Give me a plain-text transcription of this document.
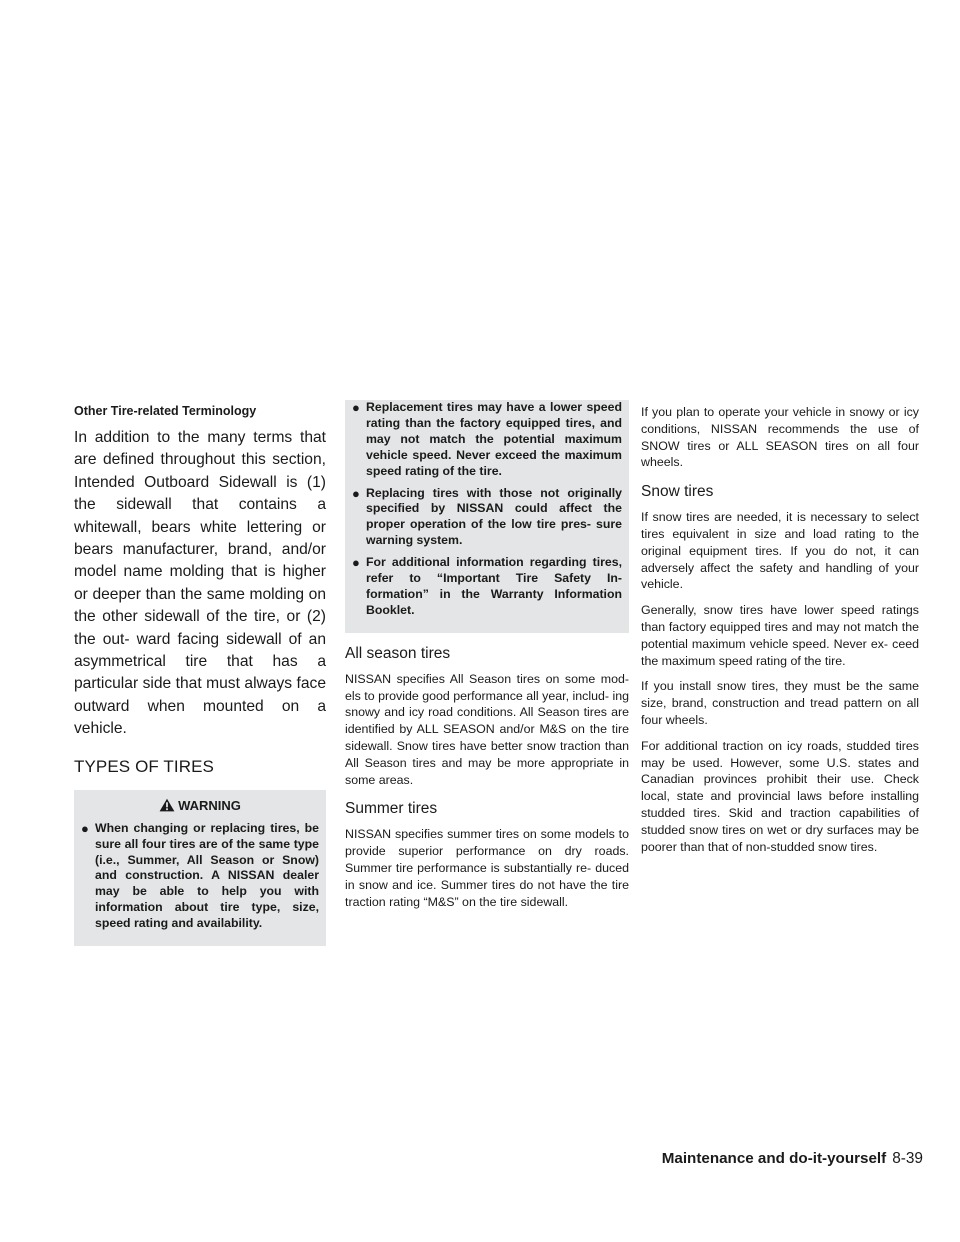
Other Tire-related Terminology

In addition to the many terms that are defined throughout this section, Intended Outboard Sidewall is (1) the sidewall that contains a whitewall, bears white lettering or bears manufacturer, brand, and/or model name molding that is higher or deeper than the same molding on the other sidewall of the tire, or (2) the out- ward facing sidewall of an asymmetrical tire that has a particular side that must always face outward when mounted on a vehicle.

TYPES OF TIRES
WARNING
● When changing or replacing tires, be sure all four tires are of the same type (i.e., Summer, All Season or Snow) and construction. A NISSAN dealer may be able to help you with information about tire type, size, speed rating and availability.
● Replacement tires may have a lower speed rating than the factory equipped tires, and may not match the potential maximum vehicle speed. Never exceed the maximum speed rating of the tire.
● Replacing tires with those not originally specified by NISSAN could affect the proper operation of the low tire pres- sure warning system.
● For additional information regarding tires, refer to “Important Tire Safety In- formation” in the Warranty Information Booklet.
All season tires

NISSAN specifies All Season tires on some mod- els to provide good performance all year, includ- ing snowy and icy road conditions. All Season tires are identified by ALL SEASON and/or M&S on the tire sidewall. Snow tires have better snow traction than All Season tires and may be more appropriate in some areas.

Summer tires

NISSAN specifies summer tires on some models to provide superior performance on dry roads. Summer tire performance is substantially re- duced in snow and ice. Summer tires do not have the tire traction rating “M&S” on the tire sidewall.

If you plan to operate your vehicle in snowy or icy conditions, NISSAN recommends the use of SNOW tires or ALL SEASON tires on all four wheels.

Snow tires

If snow tires are needed, it is necessary to select tires equivalent in size and load rating to the original equipment tires. If you do not, it can adversely affect the safety and handling of your vehicle.

Generally, snow tires have lower speed ratings than factory equipped tires and may not match the potential maximum vehicle speed. Never ex- ceed the maximum speed rating of the tire.

If you install snow tires, they must be the same size, brand, construction and tread pattern on all four wheels.

For additional traction on icy roads, studded tires may be used. However, some U.S. states and Canadian provinces prohibit their use. Check local, state and provincial laws before installing studded tires. Skid and traction capabilities of studded snow tires on wet or dry surfaces may be poorer than that of non-studded snow tires.

Maintenance and do-it-yourself 8-39
